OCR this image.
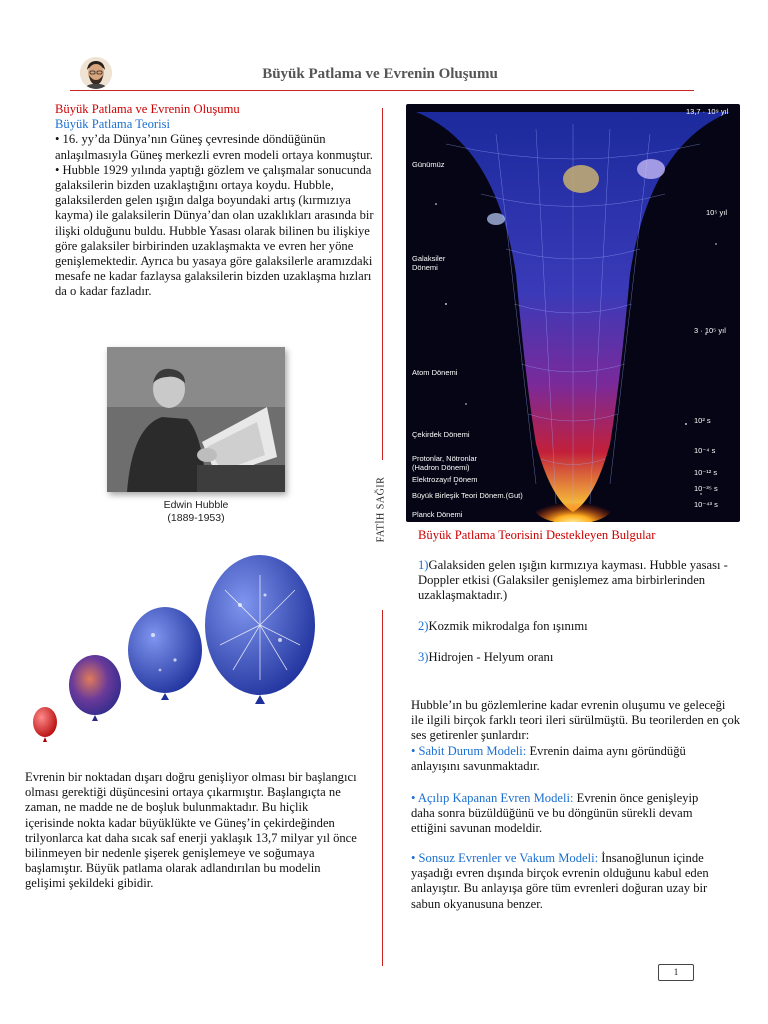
Büyük Patlama ve Evrenin Oluşumu
FATİH SAĞIR
Büyük Patlama ve Evrenin Oluşumu
Büyük Patlama Teorisi
• 16. yy’da Dünya’nın Güneş çevresinde döndüğünün anlaşılmasıyla Güneş merkezli evren modeli ortaya konmuştur.
• Hubble 1929 yılında yaptığı gözlem ve çalışmalar sonucunda galaksilerin bizden uzaklaştığını ortaya koydu. Hubble, galaksilerden gelen ışığın dalga boyundaki artış (kırmızıya kayma) ile galaksilerin Dünya’dan olan uzaklıkları arasında bir ilişki olduğunu buldu. Hubble Yasası olarak bilinen bu ilişkiye göre galaksiler birbirinden uzaklaşmakta ve evren her yöne genişlemektedir. Ayrıca bu yasaya göre galaksilerle aramızdaki mesafe ne kadar fazlaysa galaksilerin bizden uzaklaşma hızları da o kadar fazladır.
Edwin Hubble
(1889-1953)
Evrenin bir noktadan dışarı doğru genişliyor olması bir başlangıcı olması gerektiği düşüncesini ortaya çıkarmıştır. Başlangıçta ne zaman, ne madde ne de boşluk bulunmaktadır. Bu hiçlik içerisinde nokta kadar büyüklükte ve Güneş’in çekirdeğinden trilyonlarca kat daha sıcak saf enerji yaklaşık 13,7 milyar yıl önce bilinmeyen bir nedenle şişerek genişlemeye ve soğumaya başlamıştır. Büyük patlama olarak adlandırılan bu modelin gelişimi şekildeki gibidir.
Günümüz
Galaksiler Dönemi
Atom Dönemi
Çekirdek Dönemi
Protonlar, Nötronlar (Hadron Dönemi)
Elektrozayıf Dönem
Büyük Birleşik Teori Dönem.(Gut)
Planck Dönemi
13,7 · 10⁹ yıl
10⁵ yıl
3 · 10⁵ yıl
10² s
10⁻⁴ s
10⁻¹² s
10⁻³⁵ s
10⁻⁴³ s
Büyük Patlama Teorisini Destekleyen Bulgular
1)Galaksiden gelen ışığın kırmızıya kayması. Hubble yasası - Doppler etkisi (Galaksiler genişlemez ama birbirlerinden uzaklaşmaktadır.)
2)Kozmik mikrodalga fon ışınımı
3)Hidrojen - Helyum oranı
Hubble’ın bu gözlemlerine kadar evrenin oluşumu ve geleceği ile ilgili birçok farklı teori ileri sürülmüştü. Bu teorilerden en çok ses getirenler şunlardır:
• Sabit Durum Modeli: Evrenin daima aynı göründüğü anlayışını savunmaktadır.
• Açılıp Kapanan Evren Modeli: Evrenin önce genişleyip daha sonra büzüldüğünü ve bu döngünün sürekli devam ettiğini savunan modeldir.
• Sonsuz Evrenler ve Vakum Modeli: İnsanoğlunun içinde yaşadığı evren dışında birçok evrenin olduğunu kabul eden anlayıştır. Bu anlayışa göre tüm evrenleri doğuran uzay bir sabun okyanusuna benzer.
1
